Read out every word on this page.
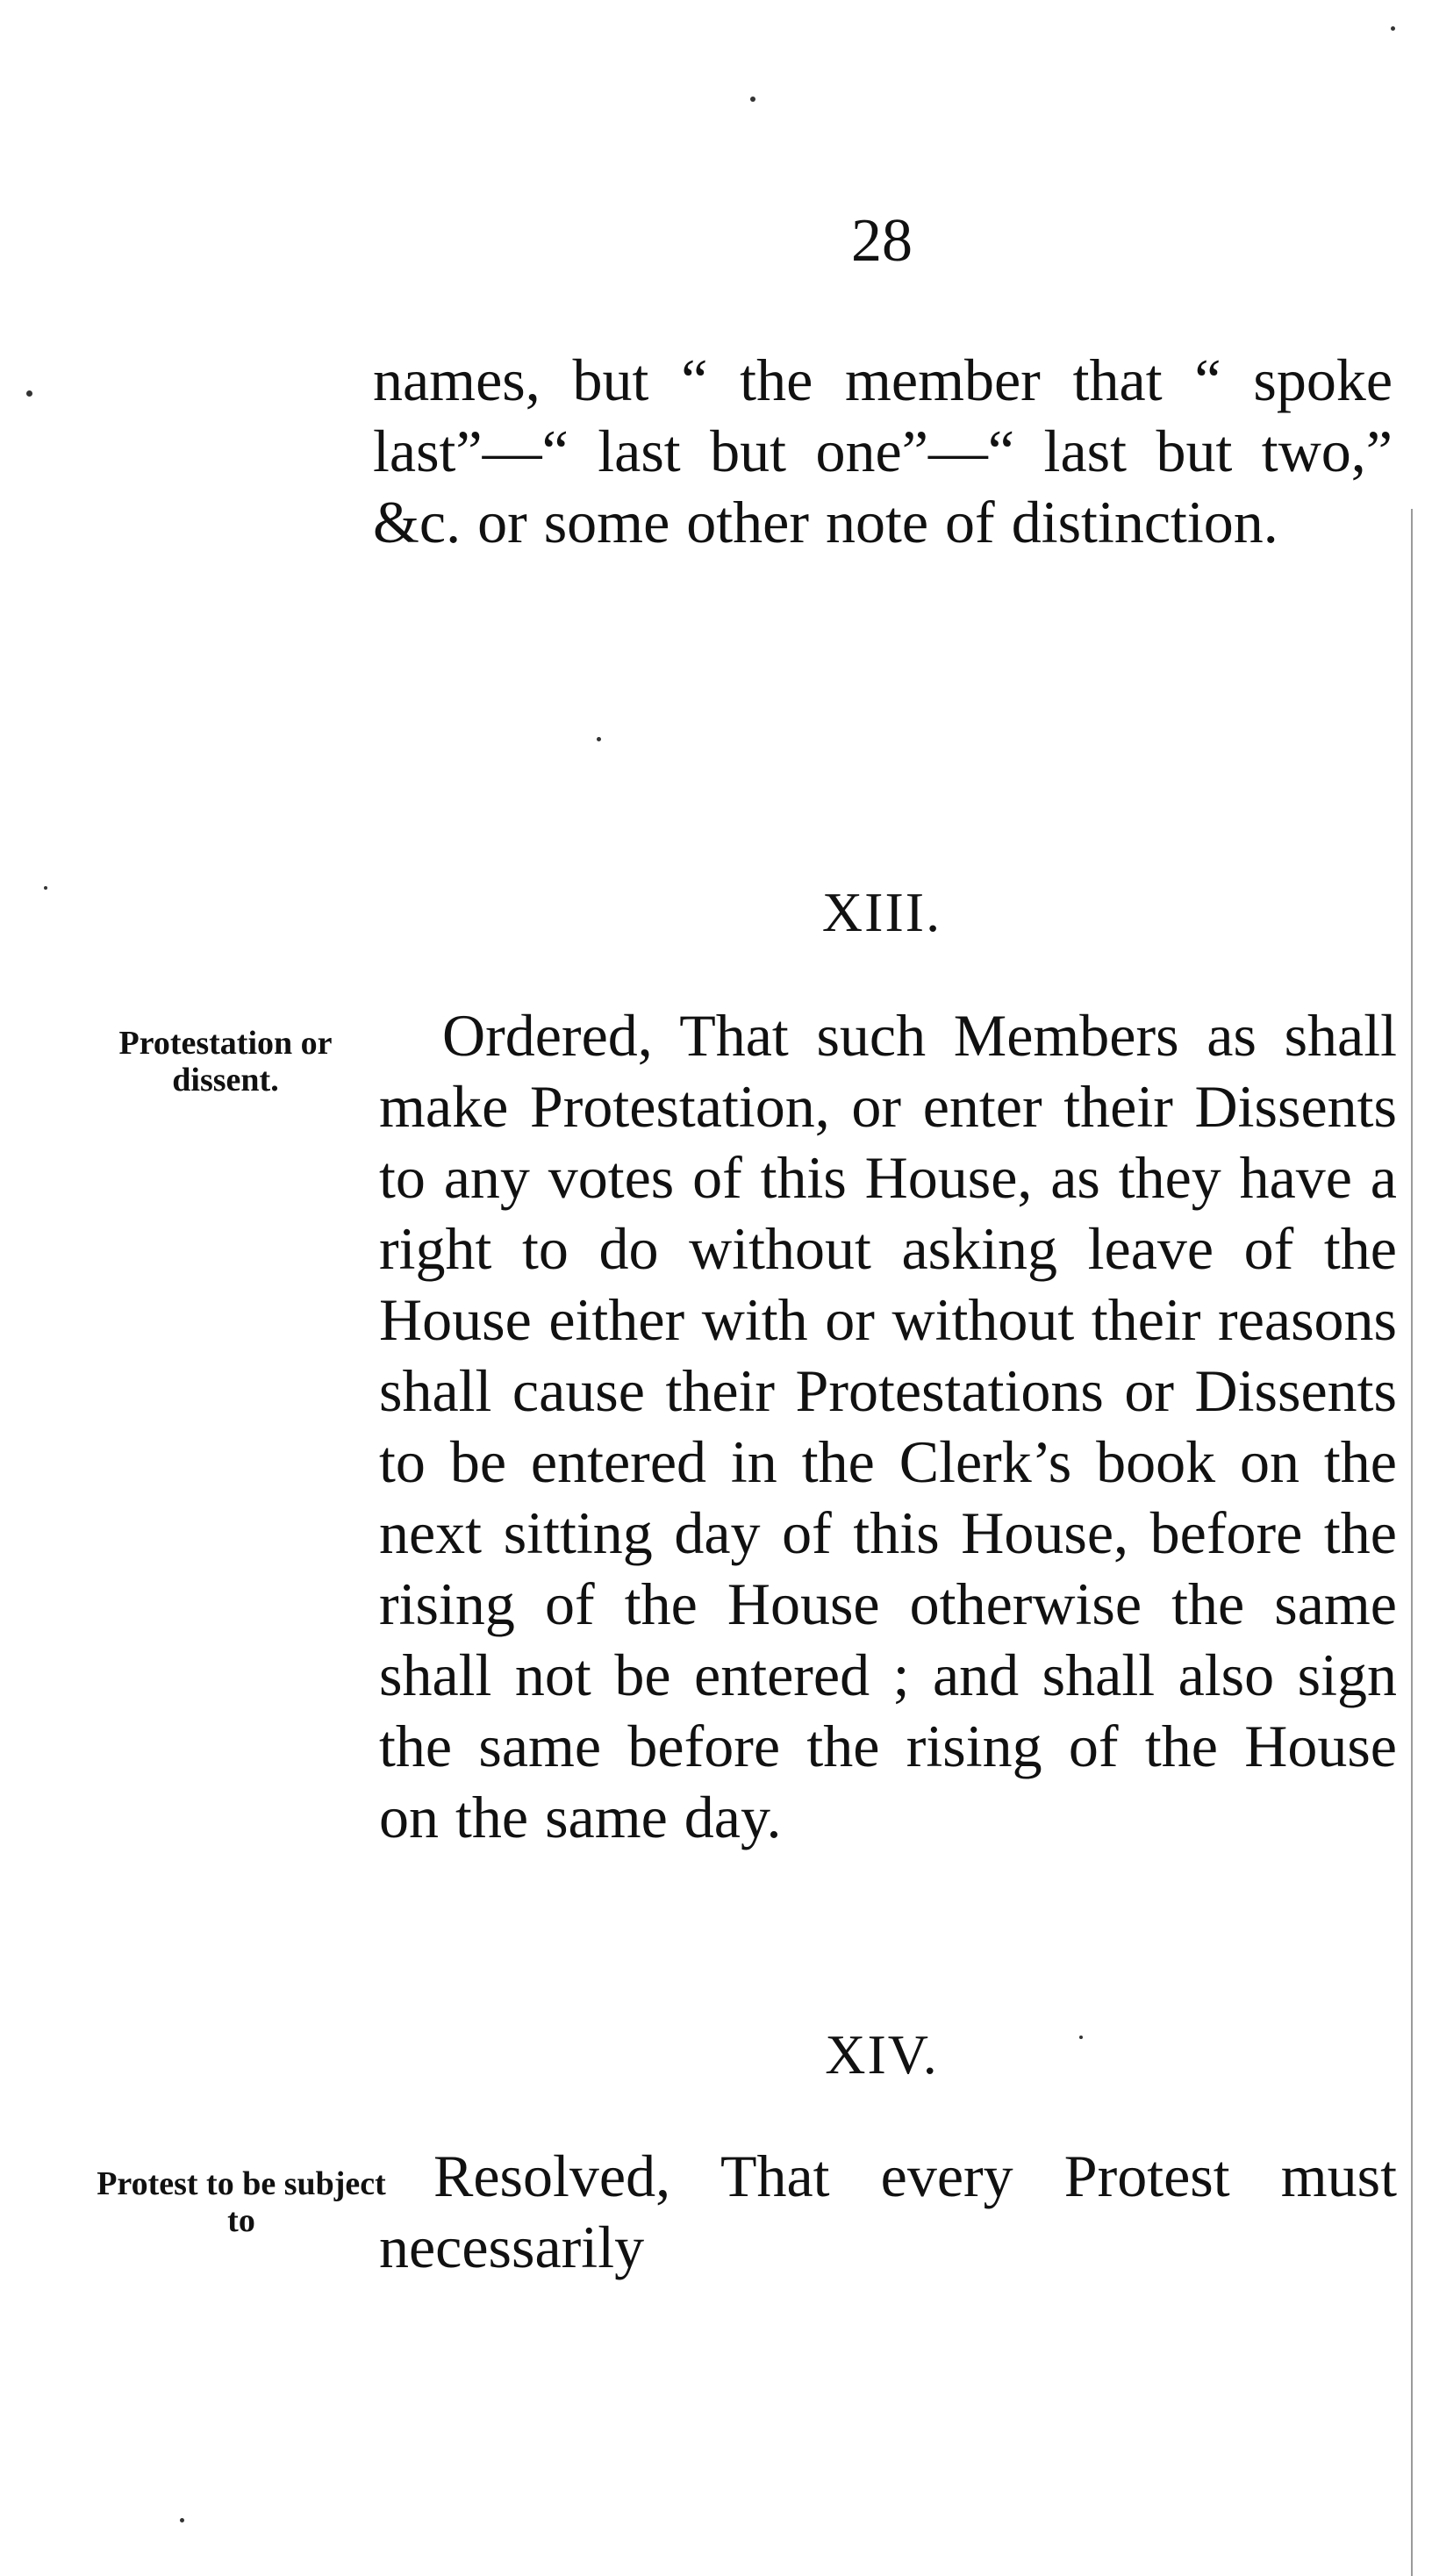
28

names, but “ the member that “ spoke last”—“ last but one”—“ last but two,” &c. or some other note of distinction.

XIII.
Protestation or dissent.

Ordered, That such Members as shall make Protestation, or enter their Dissents to any votes of this House, as they have a right to do without asking leave of the House either with or without their reasons shall cause their Protestations or Dissents to be entered in the Clerk’s book on the next sitting day of this House, before the rising of the House otherwise the same shall not be entered ; and shall also sign the same before the rising of the House on the same day.

XIV.
Protest to be subject to

Resolved, That every Protest must necessarily
